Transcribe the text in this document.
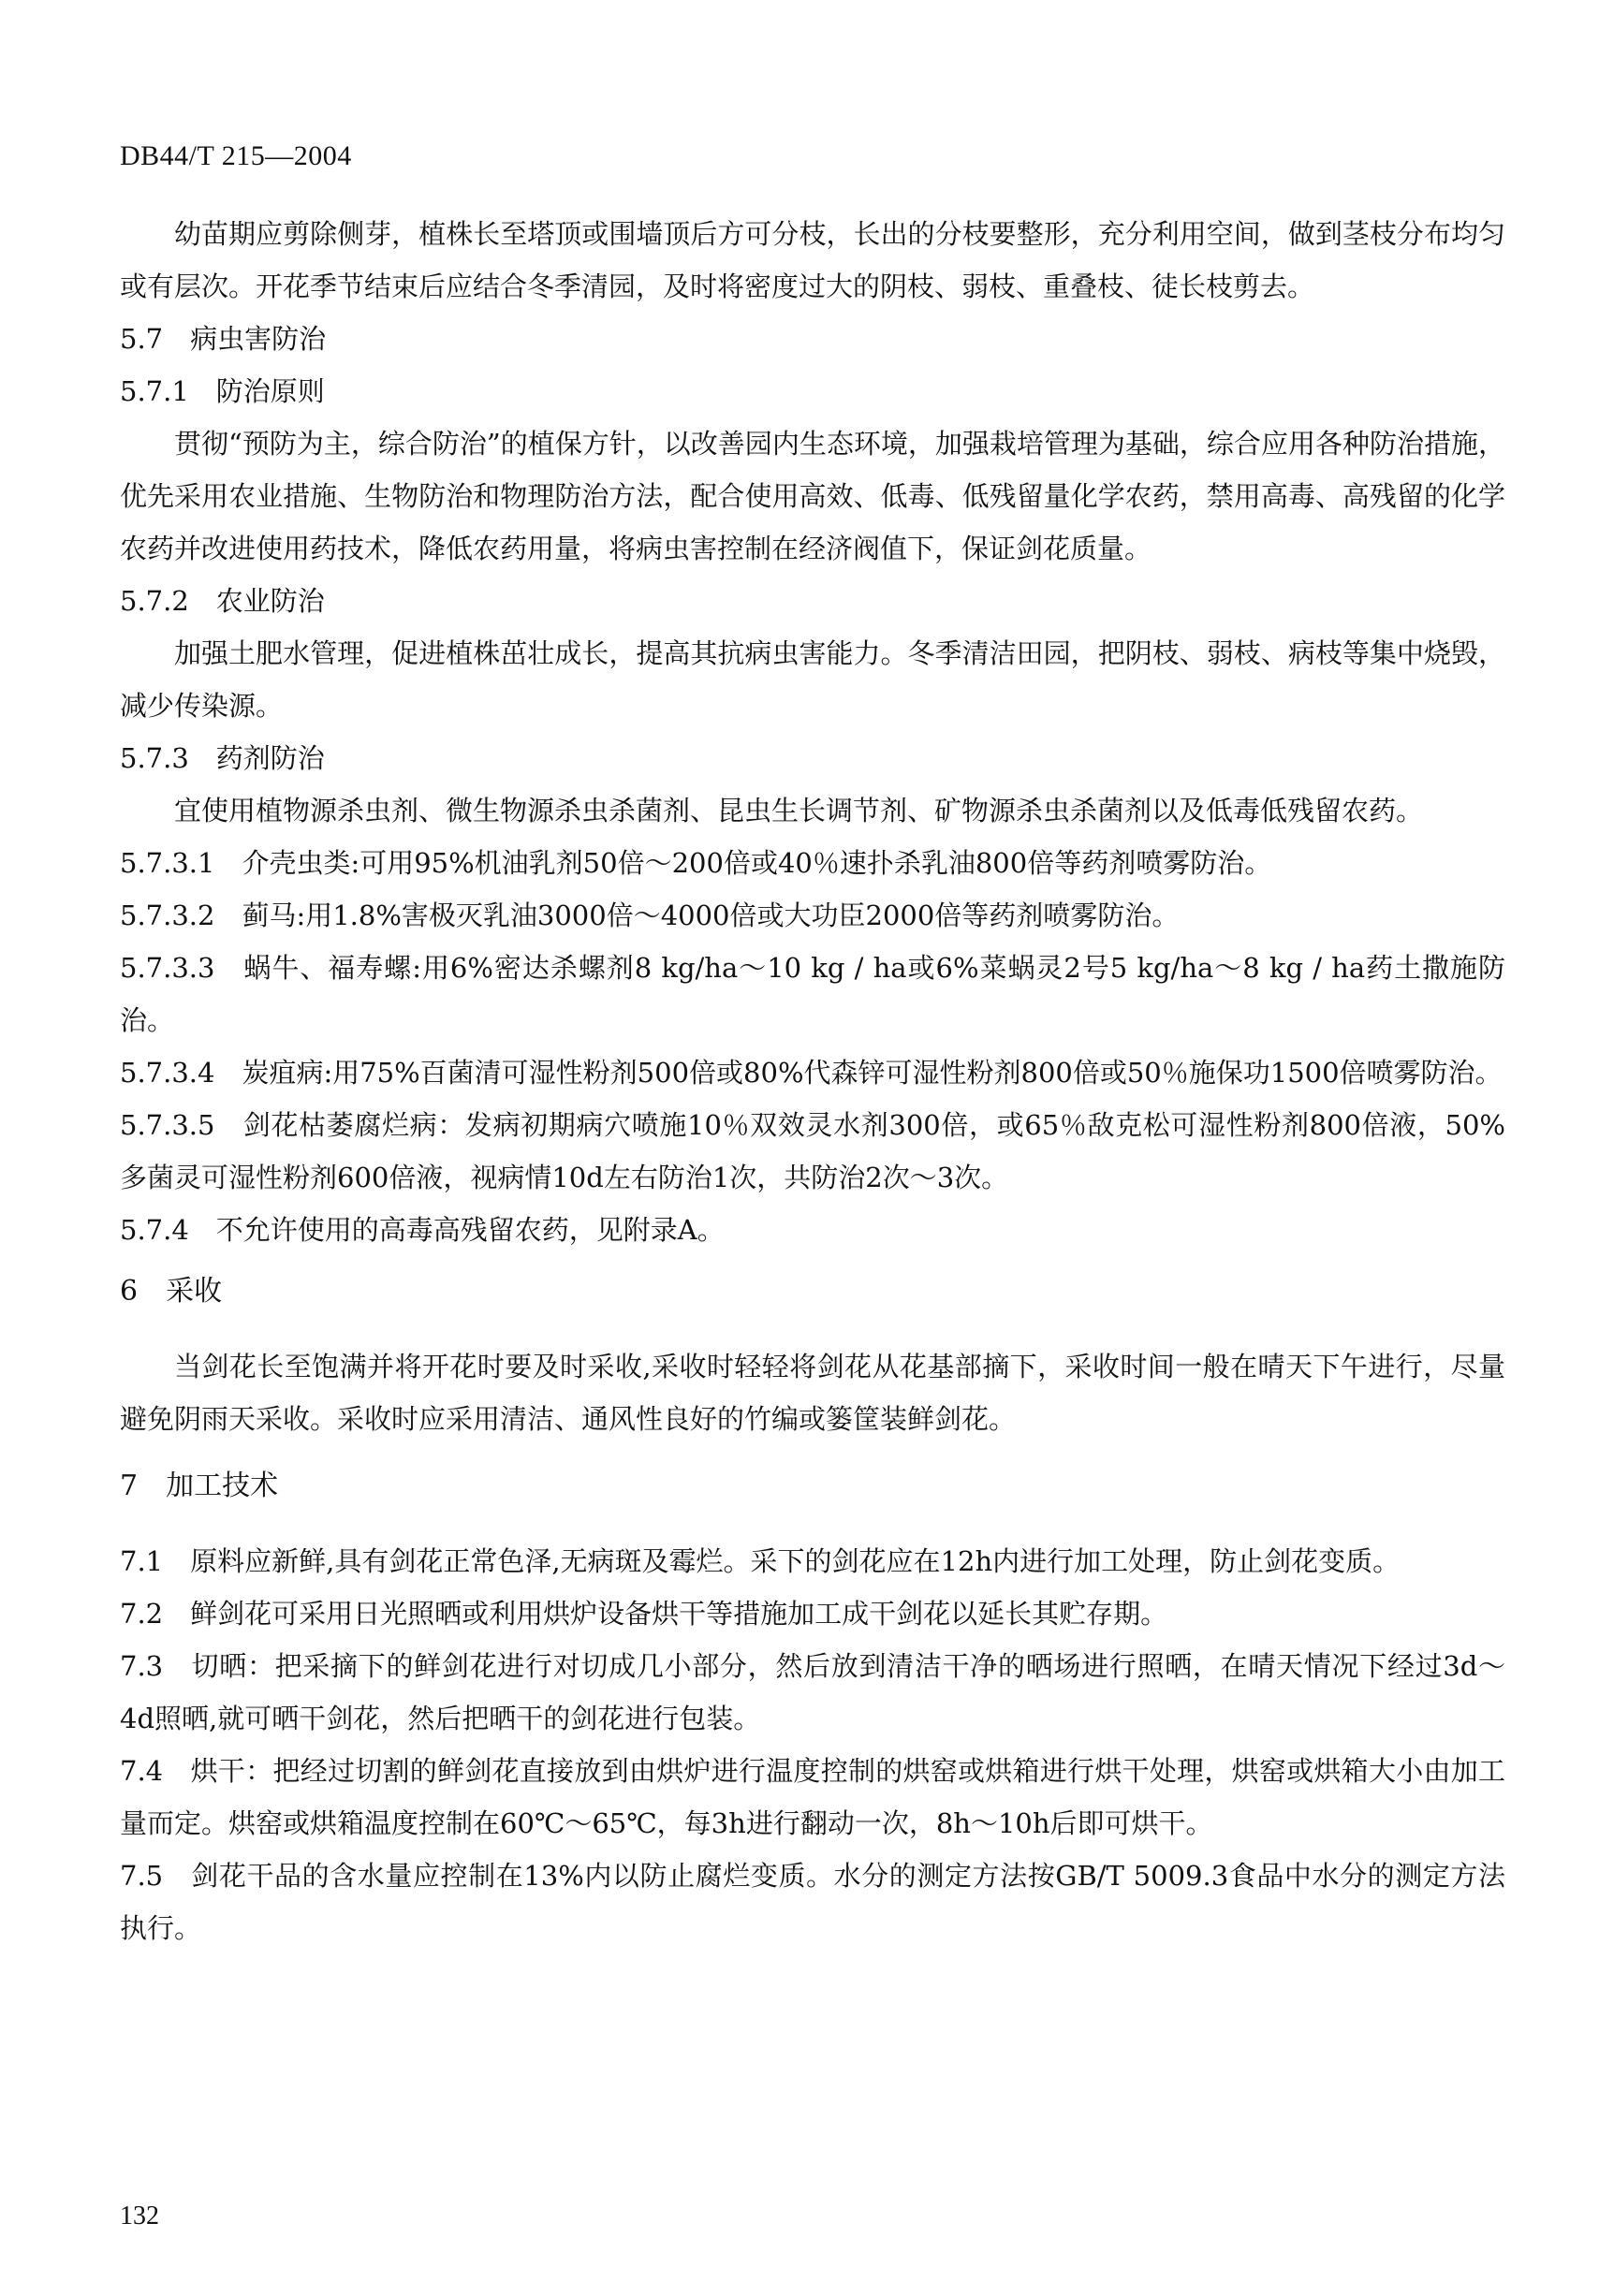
DB44/T 215—2004

幼苗期应剪除侧芽，植株长至塔顶或围墙顶后方可分枝，长出的分枝要整形，充分利用空间，做到茎枝分布均匀或有层次。开花季节结束后应结合冬季清园，及时将密度过大的阴枝、弱枝、重叠枝、徒长枝剪去。

5.7　病虫害防治

5.7.1　防治原则

贯彻“预防为主，综合防治”的植保方针，以改善园内生态环境，加强栽培管理为基础，综合应用各种防治措施，优先采用农业措施、生物防治和物理防治方法，配合使用高效、低毒、低残留量化学农药，禁用高毒、高残留的化学农药并改进使用药技术，降低农药用量，将病虫害控制在经济阀值下，保证剑花质量。

5.7.2　农业防治

加强土肥水管理，促进植株茁壮成长，提高其抗病虫害能力。冬季清洁田园，把阴枝、弱枝、病枝等集中烧毁，减少传染源。

5.7.3　药剂防治

宜使用植物源杀虫剂、微生物源杀虫杀菌剂、昆虫生长调节剂、矿物源杀虫杀菌剂以及低毒低残留农药。

5.7.3.1　介壳虫类:可用95%机油乳剂50倍～200倍或40％速扑杀乳油800倍等药剂喷雾防治。

5.7.3.2　蓟马:用1.8%害极灭乳油3000倍～4000倍或大功臣2000倍等药剂喷雾防治。

5.7.3.3　蜗牛、福寿螺:用6%密达杀螺剂8 kg/ha～10 kg / ha或6%菜蜗灵2号5 kg/ha～8 kg / ha药土撒施防治。

5.7.3.4　炭疽病:用75%百菌清可湿性粉剂500倍或80%代森锌可湿性粉剂800倍或50％施保功1500倍喷雾防治。

5.7.3.5　剑花枯萎腐烂病：发病初期病穴喷施10％双效灵水剂300倍，或65％敌克松可湿性粉剂800倍液，50%多菌灵可湿性粉剂600倍液，视病情10d左右防治1次，共防治2次～3次。

5.7.4　不允许使用的高毒高残留农药，见附录A。

6　采收

当剑花长至饱满并将开花时要及时采收,采收时轻轻将剑花从花基部摘下，采收时间一般在晴天下午进行，尽量避免阴雨天采收。采收时应采用清洁、通风性良好的竹编或篓筐装鲜剑花。

7　加工技术

7.1　原料应新鲜,具有剑花正常色泽,无病斑及霉烂。采下的剑花应在12h内进行加工处理，防止剑花变质。

7.2　鲜剑花可采用日光照晒或利用烘炉设备烘干等措施加工成干剑花以延长其贮存期。

7.3　切晒：把采摘下的鲜剑花进行对切成几小部分，然后放到清洁干净的晒场进行照晒，在晴天情况下经过3d～4d照晒,就可晒干剑花，然后把晒干的剑花进行包装。

7.4　烘干：把经过切割的鲜剑花直接放到由烘炉进行温度控制的烘窑或烘箱进行烘干处理，烘窑或烘箱大小由加工量而定。烘窑或烘箱温度控制在60℃～65℃，每3h进行翻动一次，8h～10h后即可烘干。

7.5　剑花干品的含水量应控制在13%内以防止腐烂变质。水分的测定方法按GB/T 5009.3食品中水分的测定方法执行。

132
